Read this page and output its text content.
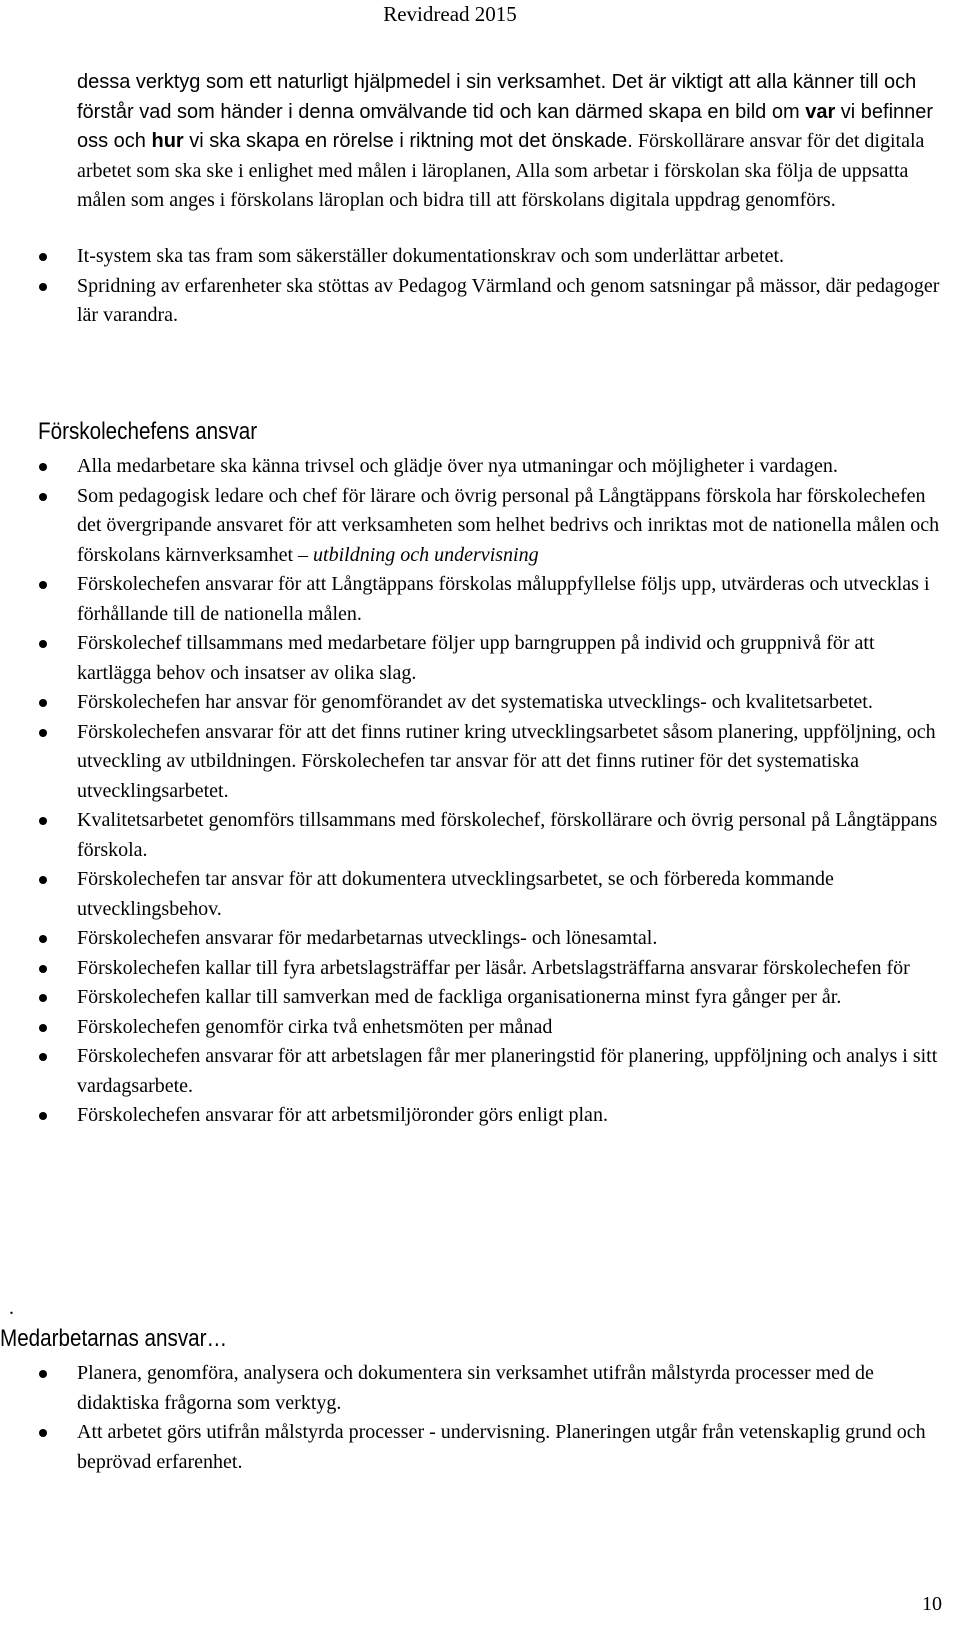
Revidread 2015
dessa verktyg som ett naturligt hjälpmedel i sin verksamhet. Det är viktigt att alla känner till och förstår vad som händer i denna omvälvande tid och kan därmed skapa en bild om var vi befinner oss och hur vi ska skapa en rörelse i riktning mot det önskade. Förskollärare ansvar för det digitala arbetet som ska ske i enlighet med målen i läroplanen, Alla som arbetar i förskolan ska följa de uppsatta målen som anges i förskolans läroplan och bidra till att förskolans digitala uppdrag genomförs.
It-system ska tas fram som säkerställer dokumentationskrav och som underlättar arbetet.
Spridning av erfarenheter ska stöttas av Pedagog Värmland och genom satsningar på mässor, där pedagoger lär varandra.
Förskolechefens ansvar
Alla medarbetare ska känna trivsel och glädje över nya utmaningar och möjligheter i vardagen.
Som pedagogisk ledare och chef för lärare och övrig personal på Långtäppans förskola har förskolechefen det övergripande ansvaret för att verksamheten som helhet bedrivs och inriktas mot de nationella målen och förskolans kärnverksamhet – utbildning och undervisning
Förskolechefen ansvarar för att Långtäppans förskolas måluppfyllelse följs upp, utvärderas och utvecklas i förhållande till de nationella målen.
Förskolechef tillsammans med medarbetare följer upp barngruppen på individ och gruppnivå för att kartlägga behov och insatser av olika slag.
Förskolechefen har ansvar för genomförandet av det systematiska utvecklings- och kvalitetsarbetet.
Förskolechefen ansvarar för att det finns rutiner kring utvecklingsarbetet såsom planering, uppföljning, och utveckling av utbildningen. Förskolechefen tar ansvar för att det finns rutiner för det systematiska utvecklingsarbetet.
Kvalitetsarbetet genomförs tillsammans med förskolechef, förskollärare och övrig personal på Långtäppans förskola.
Förskolechefen tar ansvar för att dokumentera utvecklingsarbetet, se och förbereda kommande utvecklingsbehov.
Förskolechefen ansvarar för medarbetarnas utvecklings- och lönesamtal.
Förskolechefen kallar till fyra arbetslagsträffar per läsår. Arbetslagsträffarna ansvarar förskolechefen för
Förskolechefen kallar till samverkan med de fackliga organisationerna minst fyra gånger per år.
Förskolechefen genomför cirka två enhetsmöten per månad
Förskolechefen ansvarar för att arbetslagen får mer planeringstid för planering, uppföljning och analys i sitt vardagsarbete.
Förskolechefen ansvarar för att arbetsmiljöronder görs enligt plan.
.
Medarbetarnas ansvar…
Planera, genomföra, analysera och dokumentera sin verksamhet utifrån målstyrda processer med de didaktiska frågorna som verktyg.
Att arbetet görs utifrån målstyrda processer - undervisning. Planeringen utgår från vetenskaplig grund och beprövad erfarenhet.
10
